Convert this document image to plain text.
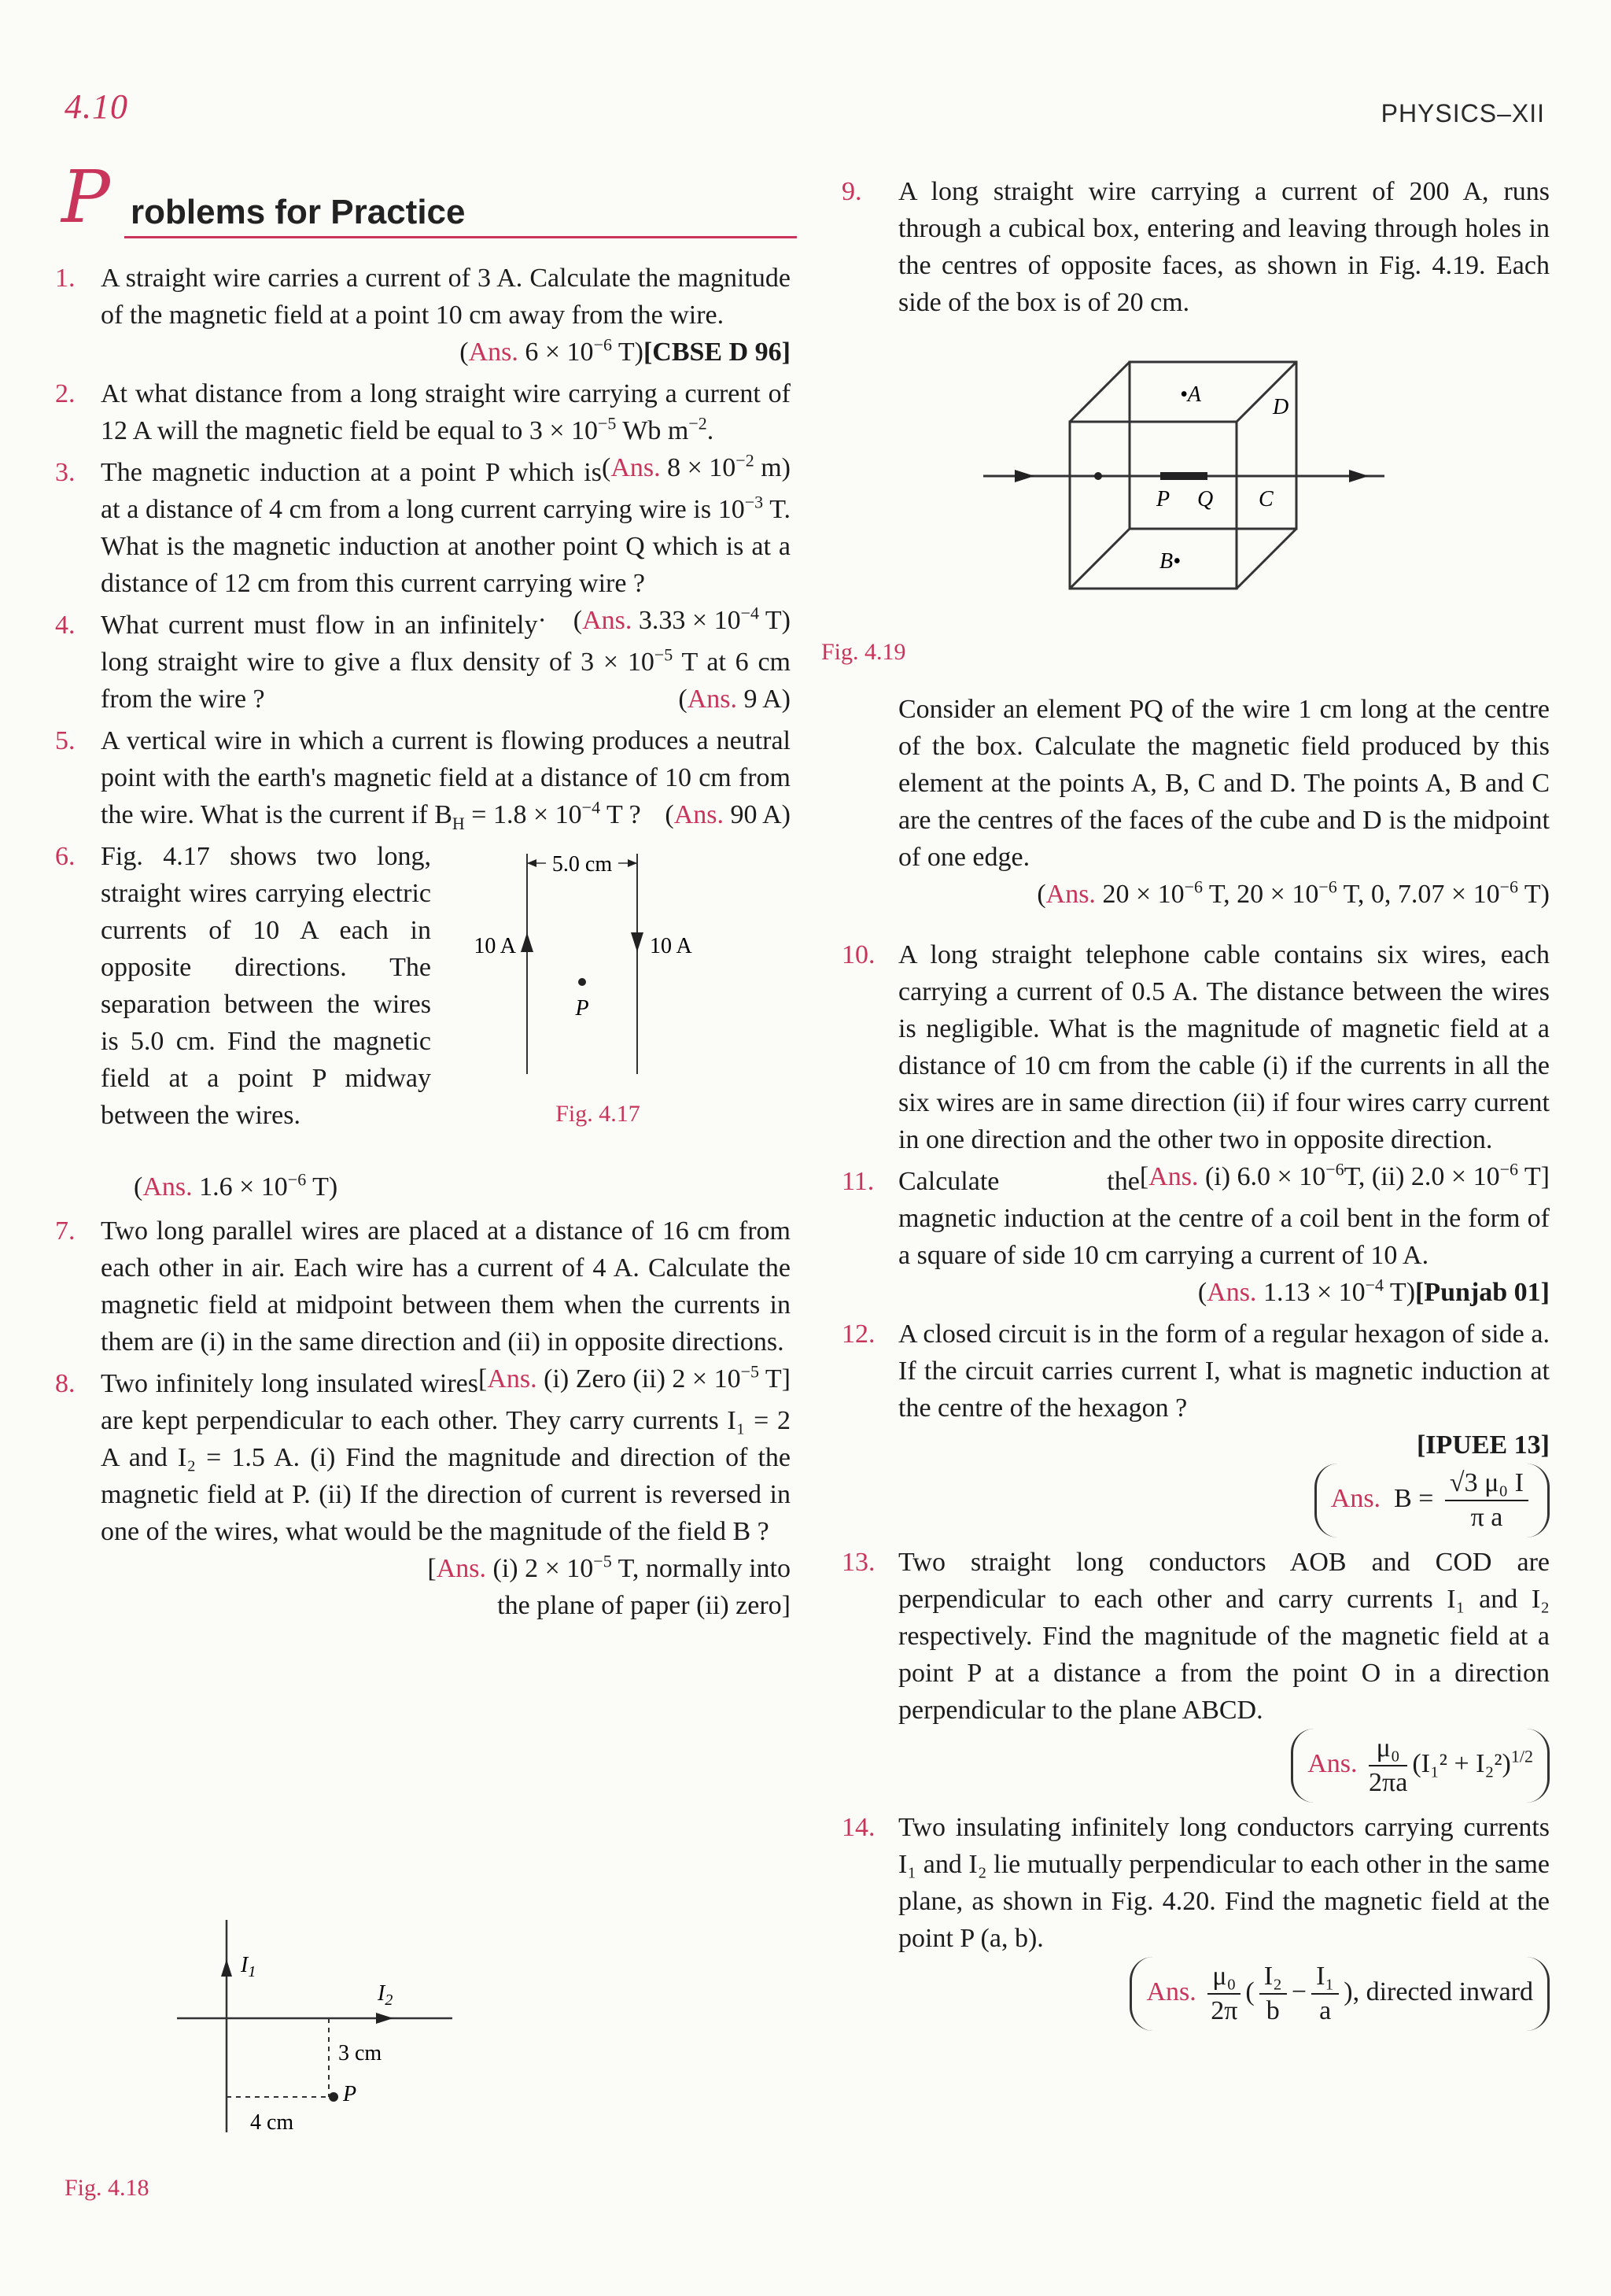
4.10	PHYSICS–XII
P roblems for Practice
1. A straight wire carries a current of 3 A. Calculate the magnitude of the magnetic field at a point 10 cm away from the wire.
[CBSE D 96]
(Ans. $6 \times 10^{-6}$ T)
2. At what distance from a long straight wire carrying a current of 12 A will the magnetic field be equal to $3 \times 10^{-5}$ Wb $m^{-2}$.
(Ans. $8 \times 10^{-2}$ m)
3. The magnetic induction at a point P which is at a distance of 4 cm from a long current carrying wire is $10^{-3}$ T. What is the magnetic induction at another point Q which is at a distance of 12 cm from this current carrying wire ?
· (Ans. $3.33 \times 10^{-4}$ T)
4. What current must flow in an infinitely long straight wire to give a flux density of $3 \times 10^{-5}$ T at 6 cm from the wire ?	(Ans. 9 A)
5. A vertical wire in which a current is flowing produces a neutral point with the earth's magnetic field at a distance of 10 cm from the wire. What is the current if $B_H = 1.8 \times 10^{-4}$ T ? (Ans. 90 A)
6. Fig. 4.17 shows two long, straight wires carrying electric currents of 10 A each in opposite directions. The separation between the wires is 5.0 cm. Find the magnetic field at a point P midway between the wires.
(Ans. $1.6 \times 10^{-6}$ T)
5.0 cm
10 A	10 A
P
Fig. 4.17
7. Two long parallel wires are placed at a distance of 16 cm from each other in air. Each wire has a current of 4 A. Calculate the magnetic field at midpoint between them when the currents in them are (i) in the same direction and (ii) in opposite directions.
[Ans. (i) Zero (ii) $2 \times 10^{-5}$ T]
8. Two infinitely long insulated wires are kept perpendicular to each other. They carry currents I₁ = 2 A and I₂ = 1.5 A. (i) Find the magnitude and direction of the magnetic field at P. (ii) If the direction of current is reversed in one of the wires, what would be the magnitude of the field B ?
[Ans. (i) $2 \times 10^{-5}$ T, normally into
the plane of paper (ii) zero]
$I_1$
$I_2$
P
3 cm
4 cm
Fig. 4.18
9. A long straight wire carrying a current of 200 A, runs through a cubical box, entering and leaving through holes in the centres of opposite faces, as shown in Fig. 4.19. Each side of the box is of 20 cm.
•A
D
P Q C
B•
Fig. 4.19
Consider an element PQ of the wire 1 cm long at the centre of the box. Calculate the magnetic field produced by this element at the points A, B, C and D. The points A, B and C are the centres of the faces of the cube and D is the midpoint of one edge.
(Ans. $20 \times 10^{-6}$ T, $20 \times 10^{-6}$ T, 0, $7.07 \times 10^{-6}$ T)
10. A long straight telephone cable contains six wires, each carrying a current of 0.5 A. The distance between the wires is negligible. What is the magnitude of magnetic field at a distance of 10 cm from the cable (i) if the currents in all the six wires are in same direction (ii) if four wires carry current in one direction and the other two in opposite direction.
[Ans. (i) $6.0 \times 10^{-6}T$, (ii) $2.0 \times 10^{-6}$ T]
11. Calculate the magnetic induction at the centre of a coil bent in the form of a square of side 10 cm carrying a current of 10 A.
[Punjab 01]
(Ans. $1.13 \times 10^{-4}$ T)
12. A closed circuit is in the form of a regular hexagon of side a. If the circuit carries current I, what is magnetic induction at the centre of the hexagon ?
[IPUEE 13]
Ans. $B = \frac{\text{√3 μ₀ I}}{\text{π a}}$
13. Two straight long conductors AOB and COD are perpendicular to each other and carry currents I₁ and I₂ respectively. Find the magnitude of the magnetic field at a point P at a distance a from the point O in a direction perpendicular to the plane ABCD.
Ans. $\frac{\text{μ₀}}{2\pi a} (I_1^2 + I_2^2)^{1/2}$
14. Two insulating infinitely long conductors carrying currents I₁ and I₂ lie mutually perpendicular to each other in the same plane, as shown in Fig. 4.20. Find the magnetic field at the point P (a, b).
Ans. $\frac{\text{μ₀}}{2\pi}$ ( $\frac{\text{I₂}}{b} - \frac{\text{I₁}}{a}$ ), directed inward
